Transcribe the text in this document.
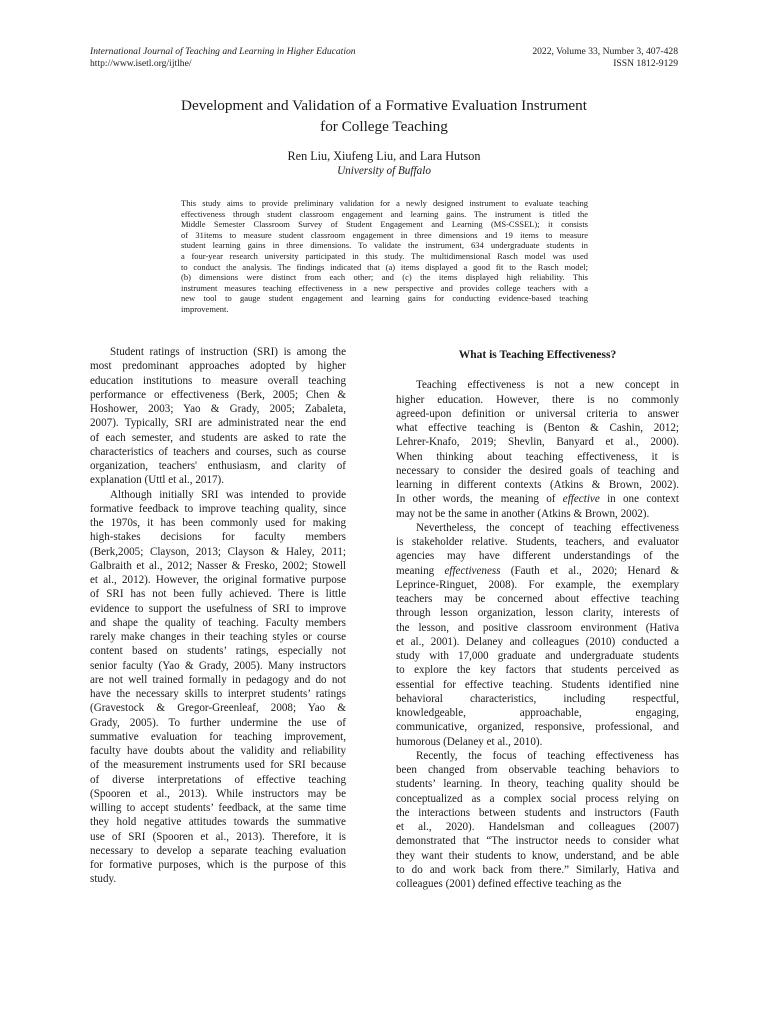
International Journal of Teaching and Learning in Higher Education
http://www.isetl.org/ijtlhe/
2022, Volume 33, Number 3, 407-428
ISSN 1812-9129
Development and Validation of a Formative Evaluation Instrument
for College Teaching
Ren Liu, Xiufeng Liu, and Lara Hutson
University of Buffalo
This study aims to provide preliminary validation for a newly designed instrument to evaluate teaching
effectiveness through student classroom engagement and learning gains. The instrument is titled the
Middle Semester Classroom Survey of Student Engagement and Learning (MS-CSSEL); it consists
of 31items to measure student classroom engagement in three dimensions and 19 items to measure
student learning gains in three dimensions. To validate the instrument, 634 undergraduate students in
a four-year research university participated in this study. The multidimensional Rasch model was used
to conduct the analysis. The findings indicated that (a) items displayed a good fit to the Rasch model;
(b) dimensions were distinct from each other; and (c) the items displayed high reliability. This
instrument measures teaching effectiveness in a new perspective and provides college teachers with a
new tool to gauge student engagement and learning gains for conducting evidence-based teaching
improvement.
Student ratings of instruction (SRI) is among the
most predominant approaches adopted by higher
education institutions to measure overall teaching
performance or effectiveness (Berk, 2005; Chen &
Hoshower, 2003; Yao & Grady, 2005; Zabaleta,
2007). Typically, SRI are administrated near the end
of each semester, and students are asked to rate the
characteristics of teachers and courses, such as course
organization, teachers' enthusiasm, and clarity of
explanation (Uttl et al., 2017).
Although initially SRI was intended to provide
formative feedback to improve teaching quality, since
the 1970s, it has been commonly used for making
high-stakes decisions for faculty members
(Berk,2005; Clayson, 2013; Clayson & Haley, 2011;
Galbraith et al., 2012; Nasser & Fresko, 2002; Stowell
et al., 2012). However, the original formative purpose
of SRI has not been fully achieved. There is little
evidence to support the usefulness of SRI to improve
and shape the quality of teaching. Faculty members
rarely make changes in their teaching styles or course
content based on students’ ratings, especially not
senior faculty (Yao & Grady, 2005). Many instructors
are not well trained formally in pedagogy and do not
have the necessary skills to interpret students’ ratings
(Gravestock & Gregor-Greenleaf, 2008; Yao &
Grady, 2005). To further undermine the use of
summative evaluation for teaching improvement,
faculty have doubts about the validity and reliability
of the measurement instruments used for SRI because
of diverse interpretations of effective teaching
(Spooren et al., 2013). While instructors may be
willing to accept students’ feedback, at the same time
they hold negative attitudes towards the summative
use of SRI (Spooren et al., 2013). Therefore, it is
necessary to develop a separate teaching evaluation
for formative purposes, which is the purpose of this
study.
What is Teaching Effectiveness?
Teaching effectiveness is not a new concept in
higher education. However, there is no commonly
agreed-upon definition or universal criteria to answer
what effective teaching is (Benton & Cashin, 2012;
Lehrer-Knafo, 2019; Shevlin, Banyard et al., 2000).
When thinking about teaching effectiveness, it is
necessary to consider the desired goals of teaching and
learning in different contexts (Atkins & Brown, 2002).
In other words, the meaning of effective in one context
may not be the same in another (Atkins & Brown, 2002).
Nevertheless, the concept of teaching effectiveness
is stakeholder relative. Students, teachers, and evaluator
agencies may have different understandings of the
meaning effectiveness (Fauth et al., 2020; Henard &
Leprince-Ringuet, 2008). For example, the exemplary
teachers may be concerned about effective teaching
through lesson organization, lesson clarity, interests of
the lesson, and positive classroom environment (Hativa
et al., 2001). Delaney and colleagues (2010) conducted a
study with 17,000 graduate and undergraduate students
to explore the key factors that students perceived as
essential for effective teaching. Students identified nine
behavioral characteristics, including respectful,
knowledgeable, approachable, engaging,
communicative, organized, responsive, professional, and
humorous (Delaney et al., 2010).
Recently, the focus of teaching effectiveness has
been changed from observable teaching behaviors to
students’ learning. In theory, teaching quality should be
conceptualized as a complex social process relying on
the interactions between students and instructors (Fauth
et al., 2020). Handelsman and colleagues (2007)
demonstrated that “The instructor needs to consider what
they want their students to know, understand, and be able
to do and work back from there.” Similarly, Hativa and
colleagues (2001) defined effective teaching as the
